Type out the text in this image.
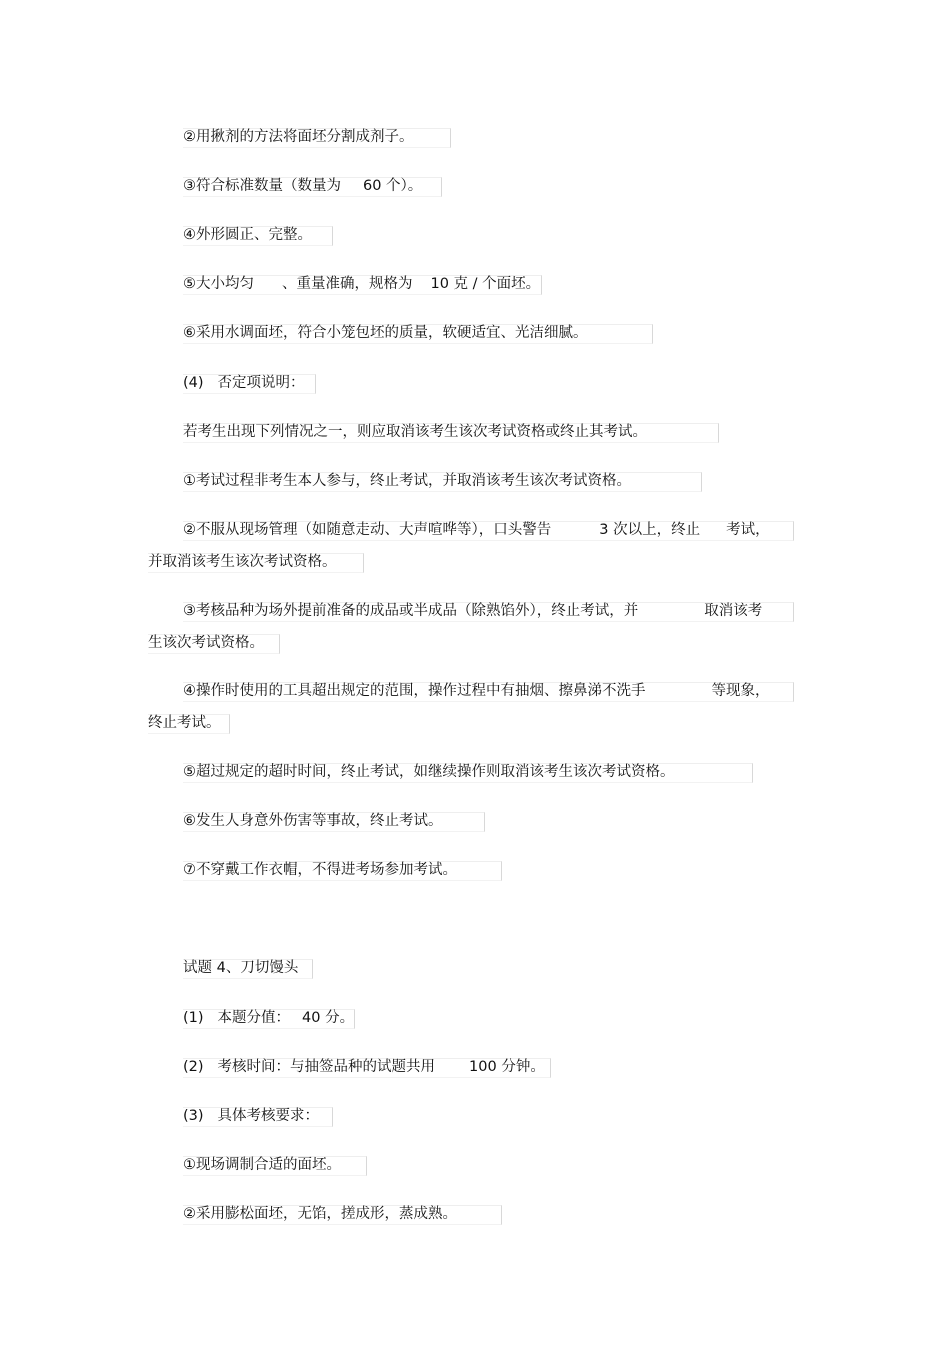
②用揪剂的方法将面坯分割成剂子。
③符合标准数量（数量为 60 个）。
④外形圆正、完整。
⑤大小均匀 、重量准确，规格为 10 克 / 个面坯。
⑥采用水调面坯，符合小笼包坯的质量，软硬适宜、光洁细腻。
(4) 否定项说明：
若考生出现下列情况之一，则应取消该考生该次考试资格或终止其考试。
①考试过程非考生本人参与，终止考试，并取消该考生该次考试资格。
②不服从现场管理（如随意走动、大声喧哗等），口头警告	3 次以上，终止 考试，
并取消该考生该次考试资格。
③考核品种为场外提前准备的成品或半成品（除熟馅外），终止考试，并	取消该考
生该次考试资格。
④操作时使用的工具超出规定的范围，操作过程中有抽烟、擦鼻涕不洗手	等现象，
终止考试。
⑤超过规定的超时时间，终止考试，如继续操作则取消该考生该次考试资格。
⑥发生人身意外伤害等事故，终止考试。
⑦不穿戴工作衣帽，不得进考场参加考试。
试题 4、刀切馒头
(1) 本题分值： 40 分。
(2) 考核时间：与抽签品种的试题共用 100 分钟。
(3) 具体考核要求：
①现场调制合适的面坯。
②采用膨松面坯，无馅，搓成形，蒸成熟。
